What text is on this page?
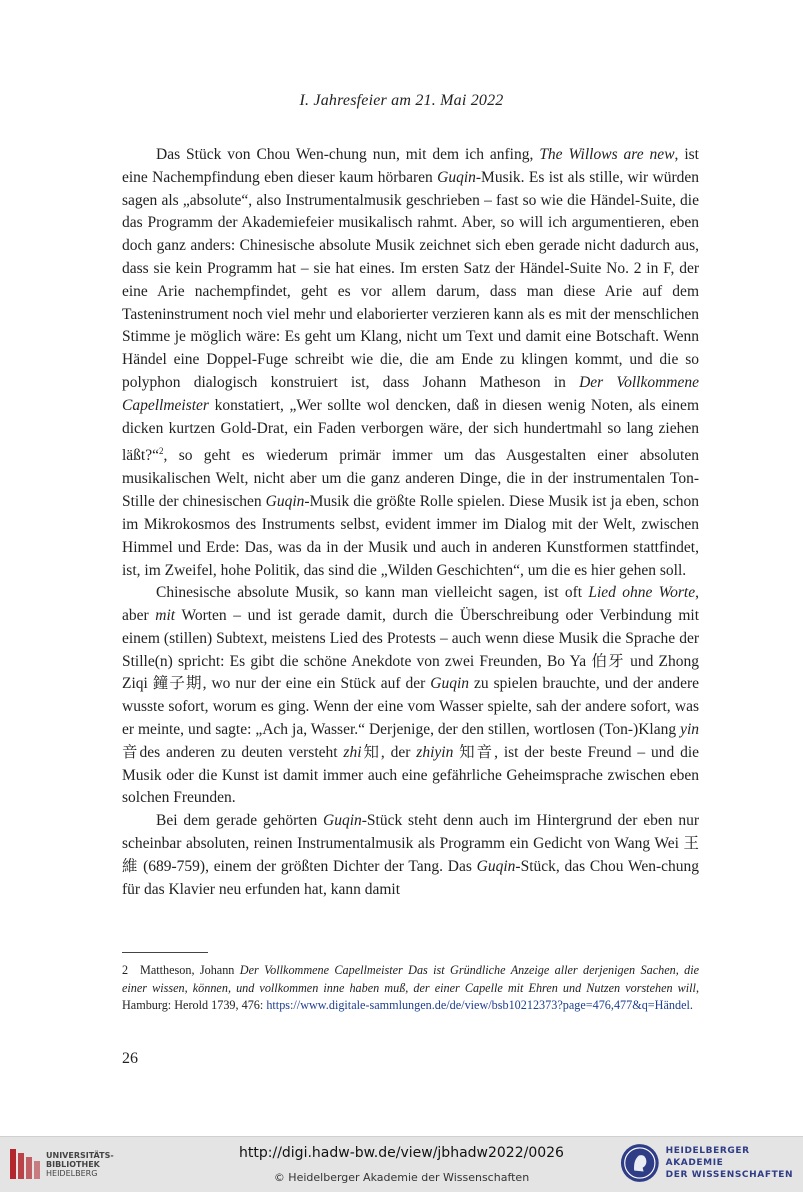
I. Jahresfeier am 21. Mai 2022

Das Stück von Chou Wen-chung nun, mit dem ich anfing, The Willows are new, ist eine Nachempfindung eben dieser kaum hörbaren Guqin-Musik. Es ist als stille, wir würden sagen als „absolute“, also Instrumentalmusik geschrieben – fast so wie die Händel-Suite, die das Programm der Akademiefeier musikalisch rahmt. Aber, so will ich argumentieren, eben doch ganz anders: Chinesische absolute Musik zeichnet sich eben gerade nicht dadurch aus, dass sie kein Programm hat – sie hat eines. Im ersten Satz der Händel-Suite No. 2 in F, der eine Arie nachempfindet, geht es vor allem darum, dass man diese Arie auf dem Tasteninstrument noch viel mehr und elaborierter verzieren kann als es mit der menschlichen Stimme je möglich wäre: Es geht um Klang, nicht um Text und damit eine Botschaft. Wenn Händel eine Doppel-Fuge schreibt wie die, die am Ende zu klingen kommt, und die so polyphon dialogisch konstruiert ist, dass Johann Matheson in Der Vollkommene Capellmeister konstatiert, „Wer sollte wol dencken, daß in diesen wenig Noten, als einem dicken kurtzen Gold-Drat, ein Faden verborgen wäre, der sich hundertmahl so lang ziehen läßt?“$^2$, so geht es wiederum primär immer um das Ausgestalten einer absoluten musikalischen Welt, nicht aber um die ganz anderen Dinge, die in der instrumentalen Ton-Stille der chinesischen Guqin-Musik die größte Rolle spielen. Diese Musik ist ja eben, schon im Mikrokosmos des Instruments selbst, evident immer im Dialog mit der Welt, zwischen Himmel und Erde: Das, was da in der Musik und auch in anderen Kunstformen stattfindet, ist, im Zweifel, hohe Politik, das sind die „Wilden Geschichten“, um die es hier gehen soll.

Chinesische absolute Musik, so kann man vielleicht sagen, ist oft Lied ohne Worte, aber mit Worten – und ist gerade damit, durch die Überschreibung oder Verbindung mit einem (stillen) Subtext, meistens Lied des Protests – auch wenn diese Musik die Sprache der Stille(n) spricht: Es gibt die schöne Anekdote von zwei Freunden, Bo Ya 伯牙 und Zhong Ziqi 鐘子期, wo nur der eine ein Stück auf der Guqin zu spielen brauchte, und der andere wusste sofort, worum es ging. Wenn der eine vom Wasser spielte, sah der andere sofort, was er meinte, und sagte: „Ach ja, Wasser.“ Derjenige, der den stillen, wortlosen (Ton-)Klang yin 音des anderen zu deuten versteht zhi知, der zhiyin 知音, ist der beste Freund – und die Musik oder die Kunst ist damit immer auch eine gefährliche Geheimsprache zwischen eben solchen Freunden.

Bei dem gerade gehörten Guqin-Stück steht denn auch im Hintergrund der eben nur scheinbar absoluten, reinen Instrumentalmusik als Programm ein Gedicht von Wang Wei 王維 (689-759), einem der größten Dichter der Tang. Das Guqin-Stück, das Chou Wen-chung für das Klavier neu erfunden hat, kann damit

2 Mattheson, Johann Der Vollkommene Capellmeister Das ist Gründliche Anzeige aller derjenigen Sachen, die einer wissen, können, und vollkommen inne haben muß, der einer Capelle mit Ehren und Nutzen vorstehen will, Hamburg: Herold 1739, 476: https://www.digitale-sammlungen.de/de/view/bsb10212373?page=476,477&q=Händel.
26
UNIVERSITÄTS-
BIBLIOTHEK
HEIDELBERG
http://digi.hadw-bw.de/view/jbhadw2022/0026
© Heidelberger Akademie der Wissenschaften
HEIDELBERGER AKADEMIE
DER WISSENSCHAFTEN
